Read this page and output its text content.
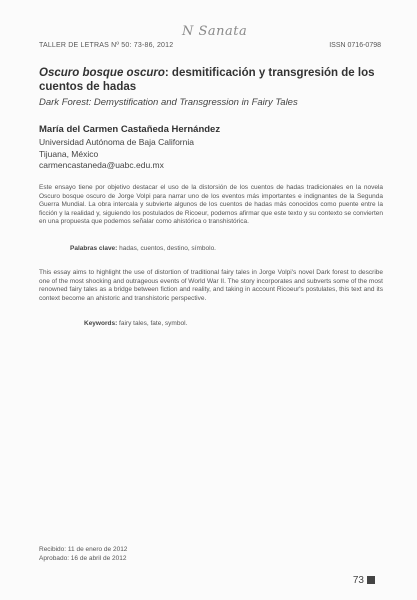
N Sanata
TALLER DE LETRAS Nº 50: 73-86, 2012	ISSN 0716-0798
Oscuro bosque oscuro: desmitificación y transgresión de los cuentos de hadas
Dark Forest: Demystification and Transgression in Fairy Tales
María del Carmen Castañeda Hernández
Universidad Autónoma de Baja California
Tijuana, México
carmencastaneda@uabc.edu.mx
Este ensayo tiene por objetivo destacar el uso de la distorsión de los cuentos de hadas tradicionales en la novela Oscuro bosque oscuro de Jorge Volpi para narrar uno de los eventos más importantes e indignantes de la Segunda Guerra Mundial. La obra intercala y subvierte algunos de los cuentos de hadas más conocidos como puente entre la ficción y la realidad y, siguiendo los postulados de Ricoeur, podemos afirmar que este texto y su contexto se convierten en una propuesta que podemos señalar como ahistórica o transhistórica.
Palabras clave: hadas, cuentos, destino, símbolo.
This essay aims to highlight the use of distortion of traditional fairy tales in Jorge Volpi's novel Dark forest to describe one of the most shocking and outrageous events of World War II. The story incorporates and subverts some of the most renowned fairy tales as a bridge between fiction and reality, and taking in account Ricoeur's postulates, this text and its context become an ahistoric and transhistoric perspective.
Keywords: fairy tales, fate, symbol.
Recibido: 11 de enero de 2012
Aprobado: 16 de abril de 2012
73
